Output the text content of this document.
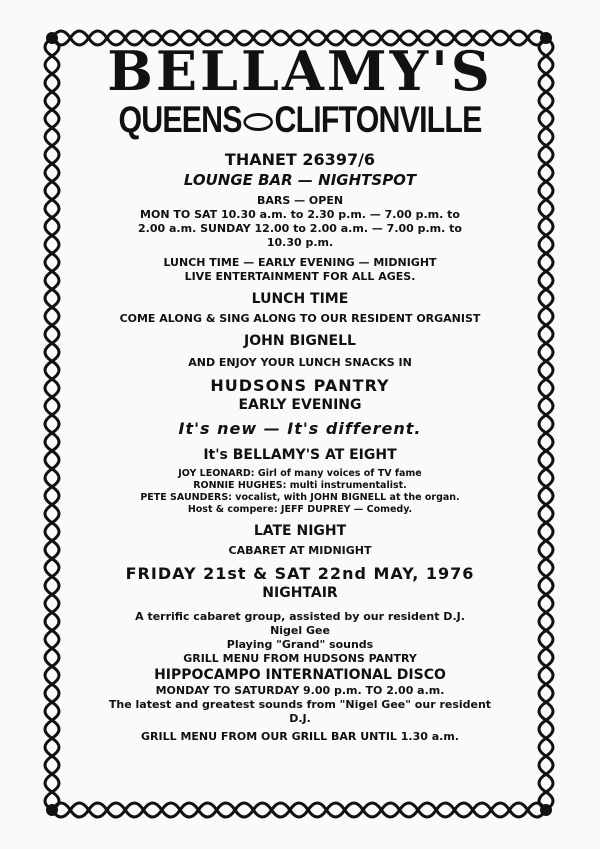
BELLAMY'S
QUEENS CLIFTONVILLE
THANET 26397/6
LOUNGE BAR — NIGHTSPOT
BARS — OPEN
MON TO SAT 10.30 a.m. to 2.30 p.m. — 7.00 p.m. to
2.00 a.m. SUNDAY 12.00 to 2.00 a.m. — 7.00 p.m. to
10.30 p.m.
LUNCH TIME — EARLY EVENING — MIDNIGHT
LIVE ENTERTAINMENT FOR ALL AGES.
LUNCH TIME
COME ALONG & SING ALONG TO OUR RESIDENT ORGANIST
JOHN BIGNELL
AND ENJOY YOUR LUNCH SNACKS IN
HUDSONS PANTRY
EARLY EVENING
It's new — It's different.
It's BELLAMY'S AT EIGHT
JOY LEONARD: Girl of many voices of TV fame
RONNIE HUGHES: multi instrumentalist.
PETE SAUNDERS: vocalist, with JOHN BIGNELL at the organ.
Host & compere: JEFF DUPREY — Comedy.
LATE NIGHT
CABARET AT MIDNIGHT
FRIDAY 21st & SAT 22nd MAY, 1976
NIGHTAIR
A terrific cabaret group, assisted by our resident D.J.
Nigel Gee
Playing "Grand" sounds
GRILL MENU FROM HUDSONS PANTRY
HIPPOCAMPO INTERNATIONAL DISCO
MONDAY TO SATURDAY 9.00 p.m. TO 2.00 a.m.
The latest and greatest sounds from "Nigel Gee" our resident
D.J.
GRILL MENU FROM OUR GRILL BAR UNTIL 1.30 a.m.
